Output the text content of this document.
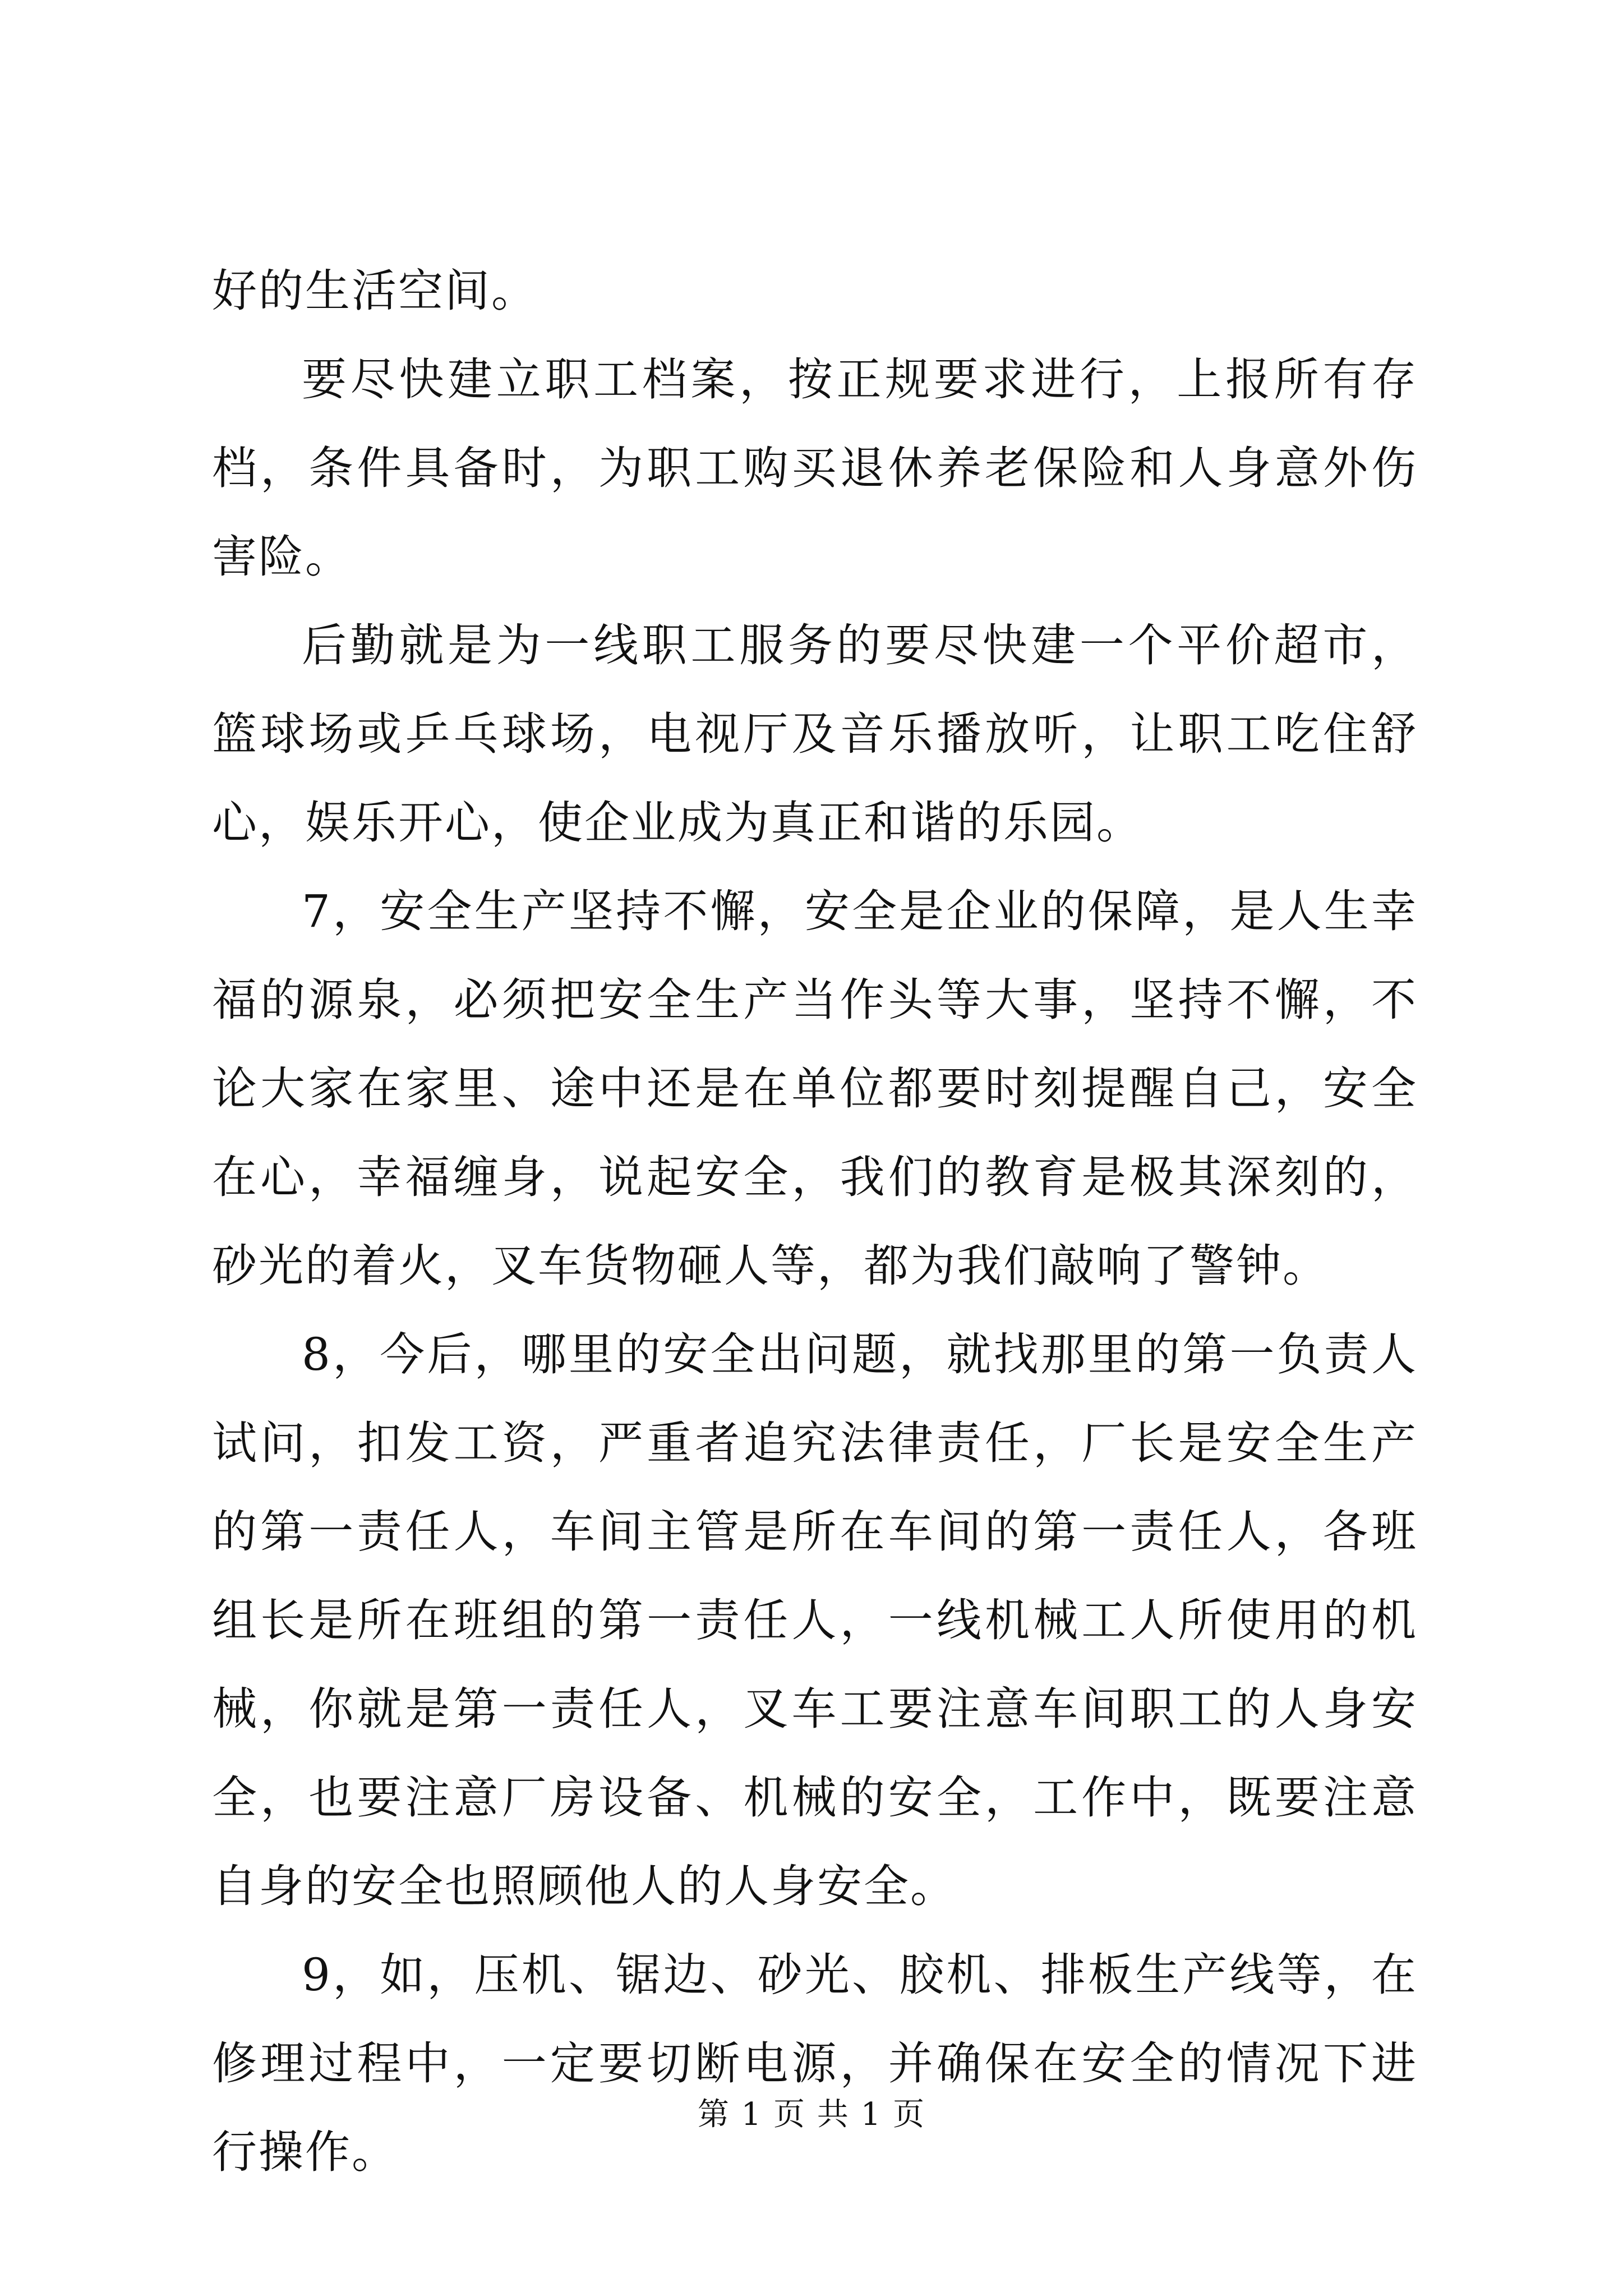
好的生活空间。

要尽快建立职工档案，按正规要求进行，上报所有存档，条件具备时，为职工购买退休养老保险和人身意外伤害险。

后勤就是为一线职工服务的要尽快建一个平价超市，篮球场或乒乓球场，电视厅及音乐播放听，让职工吃住舒心，娱乐开心，使企业成为真正和谐的乐园。

7，安全生产坚持不懈，安全是企业的保障，是人生幸福的源泉，必须把安全生产当作头等大事，坚持不懈，不论大家在家里、途中还是在单位都要时刻提醒自己，安全在心，幸福缠身，说起安全，我们的教育是极其深刻的，砂光的着火，叉车货物砸人等，都为我们敲响了警钟。

8，今后，哪里的安全出问题，就找那里的第一负责人试问，扣发工资，严重者追究法律责任，厂长是安全生产的第一责任人，车间主管是所在车间的第一责任人，各班组长是所在班组的第一责任人，一线机械工人所使用的机械，你就是第一责任人，叉车工要注意车间职工的人身安全，也要注意厂房设备、机械的安全，工作中，既要注意自身的安全也照顾他人的人身安全。

9，如，压机、锯边、砂光、胶机、排板生产线等，在修理过程中，一定要切断电源，并确保在安全的情况下进行操作。

第 1 页 共 1 页
